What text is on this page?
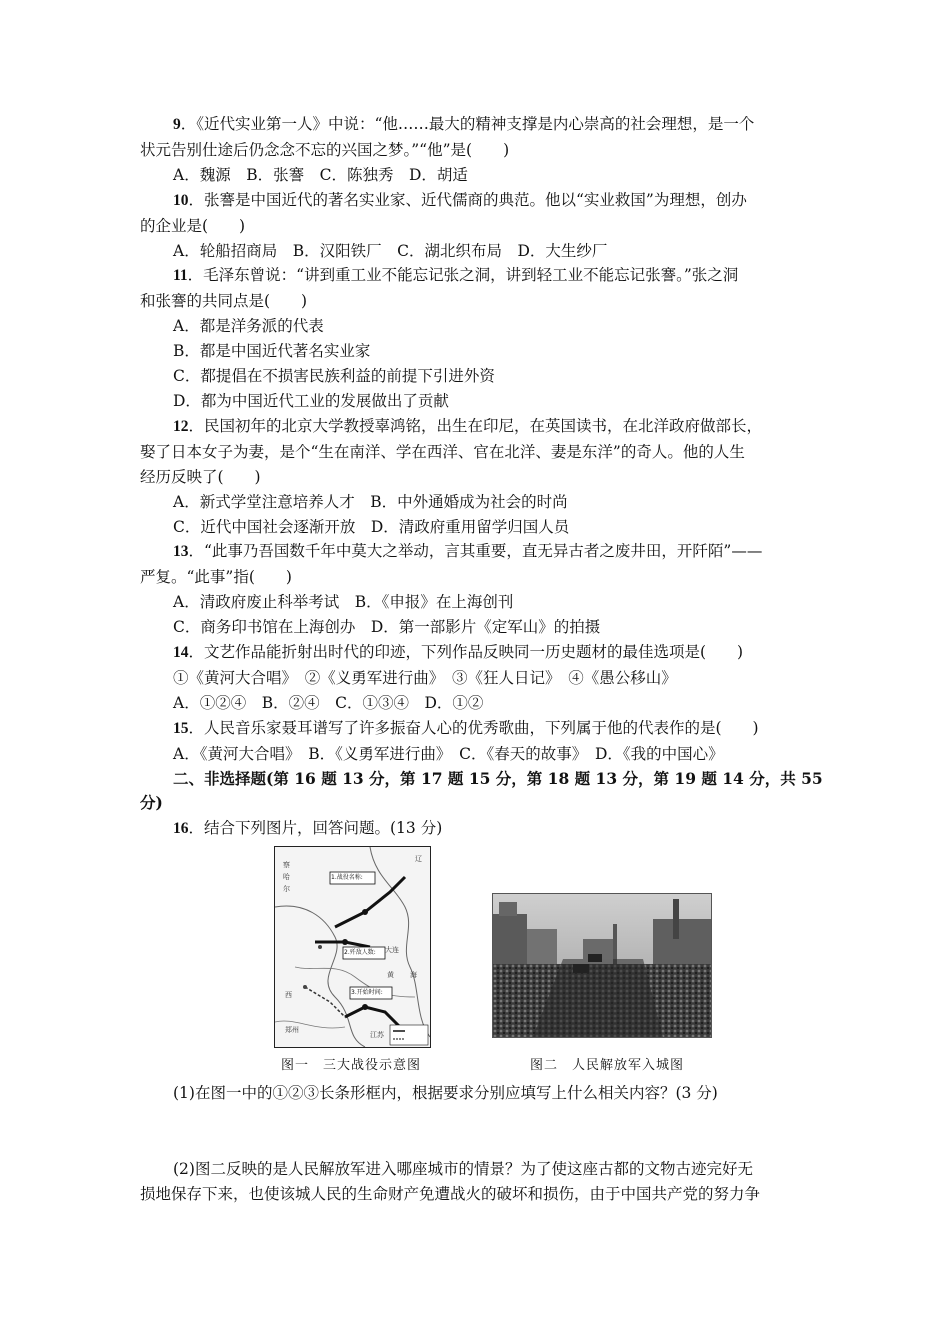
9．《近代实业第一人》中说：“他……最大的精神支撑是内心崇高的社会理想，是一个
状元告别仕途后仍念念不忘的兴国之梦。”“他”是(　　)
A．魏源　B．张謇　C．陈独秀　D．胡适
10．张謇是中国近代的著名实业家、近代儒商的典范。他以“实业救国”为理想，创办
的企业是(　　)
A．轮船招商局　B．汉阳铁厂　C．湖北织布局　D．大生纱厂
11．毛泽东曾说：“讲到重工业不能忘记张之洞，讲到轻工业不能忘记张謇。”张之洞
和张謇的共同点是(　　)
A．都是洋务派的代表
B．都是中国近代著名实业家
C．都提倡在不损害民族利益的前提下引进外资
D．都为中国近代工业的发展做出了贡献
12．民国初年的北京大学教授辜鸿铭，出生在印尼，在英国读书，在北洋政府做部长，
娶了日本女子为妻，是个“生在南洋、学在西洋、官在北洋、妻是东洋”的奇人。他的人生
经历反映了(　　)
A．新式学堂注意培养人才　B．中外通婚成为社会的时尚
C．近代中国社会逐渐开放　D．清政府重用留学归国人员
13．“此事乃吾国数千年中莫大之举动，言其重要，直无异古者之废井田，开阡陌”——
严复。“此事”指(　　)
A．清政府废止科举考试　B．《申报》在上海创刊
C．商务印书馆在上海创办　D．第一部影片《定军山》的拍摄
14．文艺作品能折射出时代的印迹，下列作品反映同一历史题材的最佳选项是(　　)
①《黄河大合唱》　②《义勇军进行曲》　③《狂人日记》　④《愚公移山》
A．①②④　B．②④　C．①③④　D．①②
15．人民音乐家聂耳谱写了许多振奋人心的优秀歌曲，下列属于他的代表作的是(　　)
A．《黄河大合唱》　B．《义勇军进行曲》　C．《春天的故事》　D．《我的中国心》
二、非选择题(第 16 题 13 分，第 17 题 15 分，第 18 题 13 分，第 19 题 14 分，共 55
分)
16．结合下列图片，回答问题。(13 分)
辽
察
哈
尔
大连
黄 海
西
郑州
江苏
1.战役名称:
2.歼敌人数:
3.开始时间:
图一　三大战役示意图	图二　人民解放军入城图
(1)在图一中的①②③长条形框内，根据要求分别应填写上什么相关内容？(3 分)
(2)图二反映的是人民解放军进入哪座城市的情景？为了使这座古都的文物古迹完好无
损地保存下来，也使该城人民的生命财产免遭战火的破坏和损伤，由于中国共产党的努力争
